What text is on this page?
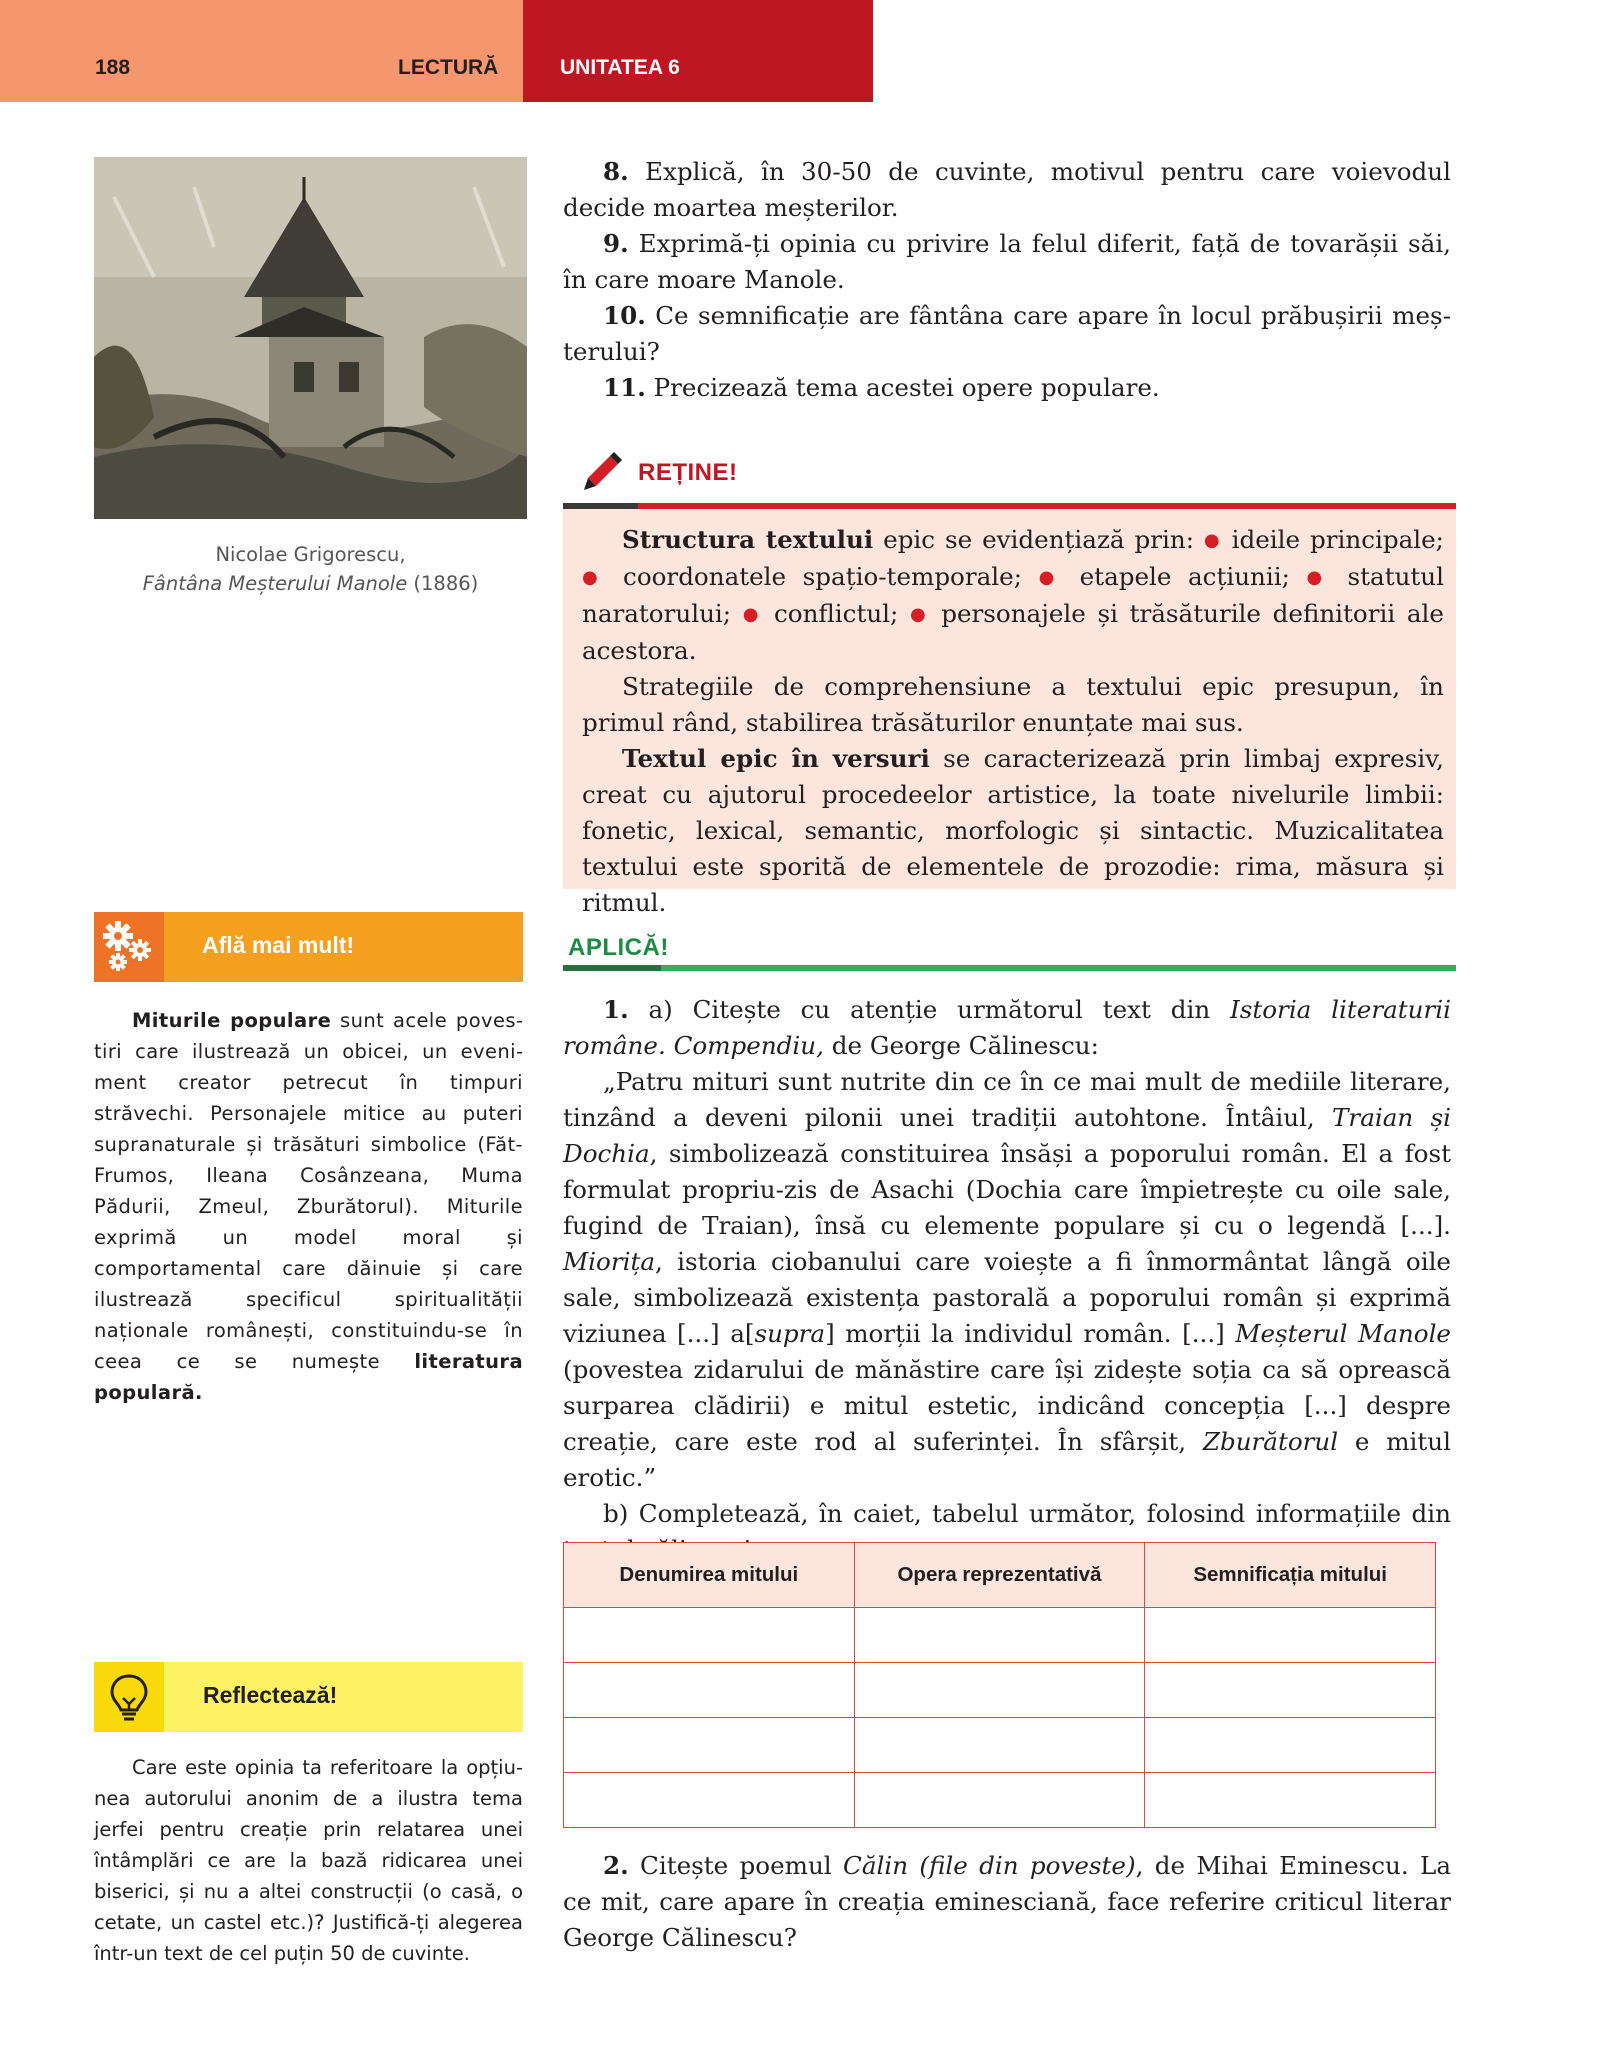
188	LECTURĂ	UNITATEA 6
Nicolae Grigorescu,
Fântâna Meșterului Manole (1886)

8. Explică, în 30-50 de cuvinte, motivul pentru care voievodul decide moartea meșterilor.

9. Exprimă-ți opinia cu privire la felul diferit, față de tovarășii săi, în care moare Manole.

10. Ce semnificație are fântâna care apare în locul prăbușirii meșterului?

11. Precizează tema acestei opere populare.

REȚINE!

Structura textului epic se evidențiază prin: ● ideile principale; ● coordonatele spațio-temporale; ● etapele acțiunii; ● statutul naratorului; ● conflictul; ● personajele și trăsăturile definitorii ale acestora.

Strategiile de comprehensiune a textului epic presupun, în primul rând, stabilirea trăsăturilor enunțate mai sus.

Textul epic în versuri se caracterizează prin limbaj expresiv, creat cu ajutorul procedeelor artistice, la toate nivelurile limbii: fonetic, lexical, semantic, morfologic și sintactic. Muzicalitatea textului este sporită de elementele de prozodie: rima, măsura și ritmul.

Află mai mult!

Miturile populare sunt acele povestiri care ilustrează un obicei, un eveniment creator petrecut în timpuri străvechi. Personajele mitice au puteri supranaturale și trăsături simbolice (Făt-Frumos, Ileana Cosânzeana, Muma Pădurii, Zmeul, Zburătorul). Miturile exprimă un model moral și comportamental care dăinuie și care ilustrează specificul spiritualității naționale românești, constituindu-se în ceea ce se numește literatura populară.

Reflectează!

Care este opinia ta referitoare la opțiunea autorului anonim de a ilustra tema jerfei pentru creație prin relatarea unei întâmplări ce are la bază ridicarea unei biserici, și nu a altei construcții (o casă, o cetate, un castel etc.)? Justifică-ți alegerea într-un text de cel puțin 50 de cuvinte.

APLICĂ!

1. a) Citește cu atenție următorul text din Istoria literaturii române. Compendiu, de George Călinescu:

„Patru mituri sunt nutrite din ce în ce mai mult de mediile literare, tinzând a deveni pilonii unei tradiții autohtone. Întâiul, Traian și Dochia, simbolizează constituirea însăși a poporului român. El a fost formulat propriu-zis de Asachi (Dochia care împietrește cu oile sale, fugind de Traian), însă cu elemente populare și cu o legendă [...]. Miorița, istoria ciobanului care voiește a fi înmormântat lângă oile sale, simbolizează existența pastorală a poporului român și exprimă viziunea [...] a[supra] morții la individul român. [...] Meșterul Manole (povestea zidarului de mănăstire care își zidește soția ca să oprească surparea clădirii) e mitul estetic, indicând concepția [...] despre creație, care este rod al suferinței. În sfârșit, Zburătorul e mitul erotic.”

b) Completează, în caiet, tabelul următor, folosind informațiile din

Denumirea mitului	Opera reprezentativă	Semnificația mitului

2. Citește poemul Călin (file din poveste), de Mihai Eminescu. La ce mit, care apare în creația eminesciană, face referire criticul literar George Călinescu?
